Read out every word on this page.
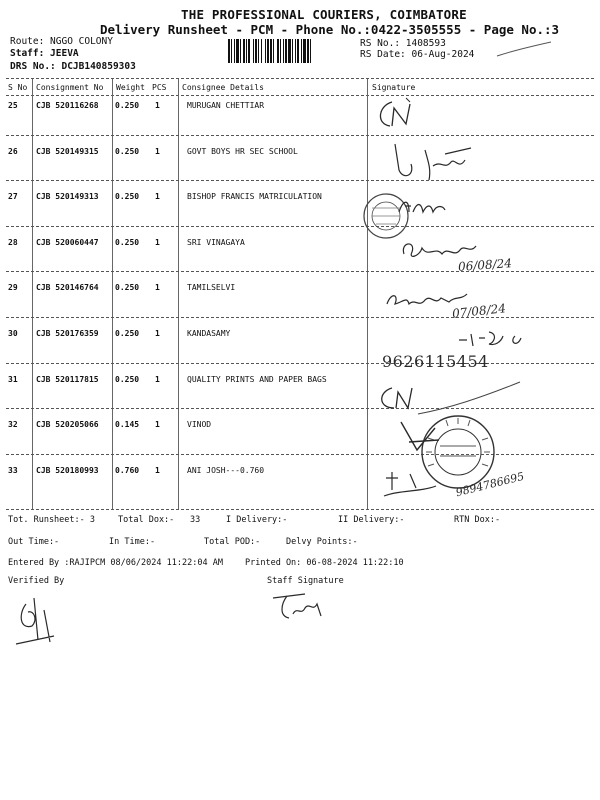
THE PROFESSIONAL COURIERS, COIMBATORE
Delivery Runsheet - PCM - Phone No.:0422-3505555 - Page No.:3
Route: NGGO COLONY
Staff: JEEVA
DRS No.: DCJB140859303
RS No.: 1408593
RS Date: 06-Aug-2024
S No Consignment No Weight PCS Consignee Details	Signature
25 CJB 520116268 0.250 1	MURUGAN CHETTIAR
26 CJB 520149315 0.250 1	GOVT BOYS HR SEC SCHOOL
27 CJB 520149313 0.250 1	BISHOP FRANCIS MATRICULATION
28 CJB 520060447 0.250 1	SRI VINAGAYA
29 CJB 520146764 0.250 1	TAMILSELVI
30 CJB 520176359 0.250 1	KANDASAMY
31 CJB 520117815 0.250 1	QUALITY PRINTS AND PAPER BAGS
32 CJB 520205066 0.145 1	VINOD
33 CJB 520180993 0.760 1	ANI JOSH---0.760
06/08/24
07/08/24
9626115454
9894786695
Tot. Runsheet:- 3	Total Dox:- 33	I Delivery:-	II Delivery:-	RTN Dox:-
Out Time:-	In Time:-	Total POD:-	Delvy Points:-
Entered By :RAJIPCM 08/06/2024 11:22:04 AM	Printed On: 06-08-2024 11:22:10
Verified By	Staff Signature
